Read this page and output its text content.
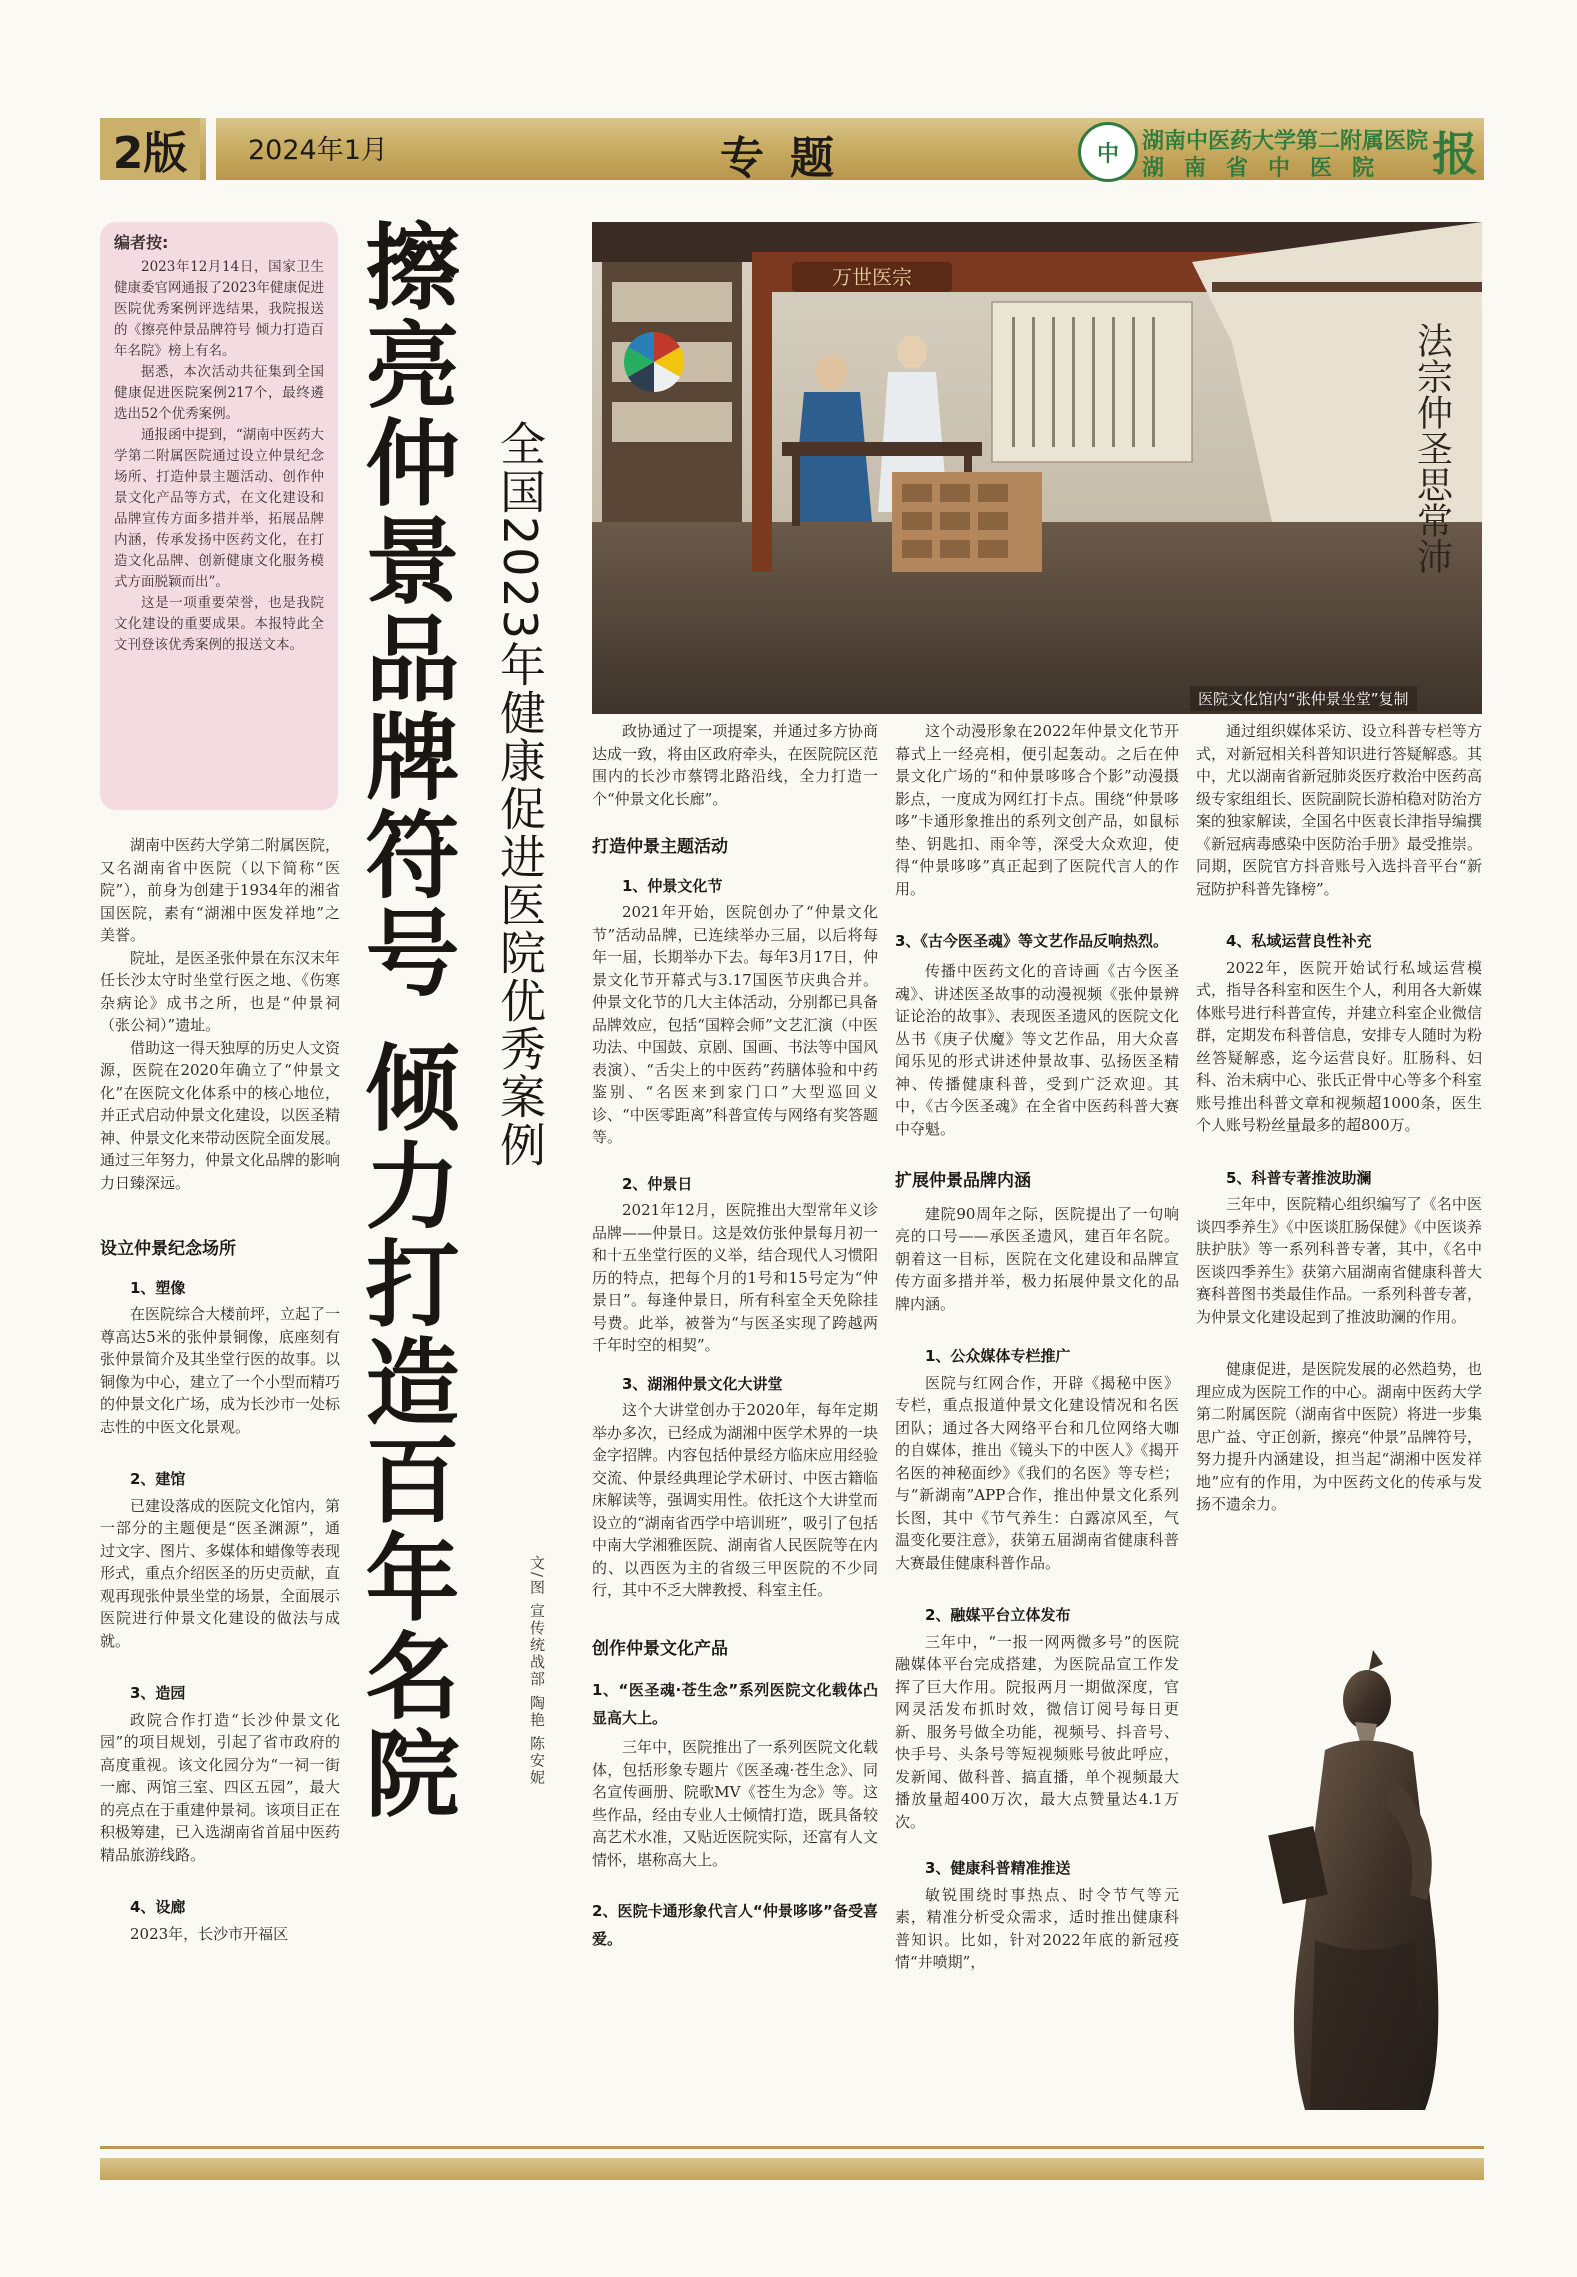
2版 2024年1月	专题	中 湖南中医药大学第二附属医院
湖南省中医院 报
编者按:

2023年12月14日，国家卫生健康委官网通报了2023年健康促进医院优秀案例评选结果，我院报送的《擦亮仲景品牌符号 倾力打造百年名院》榜上有名。

据悉，本次活动共征集到全国健康促进医院案例217个，最终遴选出52个优秀案例。

通报函中提到，“湖南中医药大学第二附属医院通过设立仲景纪念场所、打造仲景主题活动、创作仲景文化产品等方式，在文化建设和品牌宣传方面多措并举，拓展品牌内涵，传承发扬中医药文化，在打造文化品牌、创新健康文化服务模式方面脱颖而出”。

这是一项重要荣誉，也是我院文化建设的重要成果。本报特此全文刊登该优秀案例的报送文本。 擦亮仲景品牌符号 倾力打造百年名院 全国2023年健康促进医院优秀案例
文/图 宣传统战部 陶艳 陈安妮
万世医宗
法宗仲圣思常沛
医院文化馆内“张仲景坐堂”复制

湖南中医药大学第二附属医院，又名湖南省中医院（以下简称“医院”），前身为创建于1934年的湘省国医院，素有“湖湘中医发祥地”之美誉。

院址，是医圣张仲景在东汉末年任长沙太守时坐堂行医之地、《伤寒杂病论》成书之所，也是“仲景祠（张公祠）”遗址。

借助这一得天独厚的历史人文资源，医院在2020年确立了“仲景文化”在医院文化体系中的核心地位，并正式启动仲景文化建设，以医圣精神、仲景文化来带动医院全面发展。通过三年努力，仲景文化品牌的影响力日臻深远。

设立仲景纪念场所
1、塑像

在医院综合大楼前坪，立起了一尊高达5米的张仲景铜像，底座刻有张仲景简介及其坐堂行医的故事。以铜像为中心，建立了一个小型而精巧的仲景文化广场，成为长沙市一处标志性的中医文化景观。

2、建馆

已建设落成的医院文化馆内，第一部分的主题便是“医圣渊源”，通过文字、图片、多媒体和蜡像等表现形式，重点介绍医圣的历史贡献，直观再现张仲景坐堂的场景，全面展示医院进行仲景文化建设的做法与成就。

3、造园

政院合作打造“长沙仲景文化园”的项目规划，引起了省市政府的高度重视。该文化园分为“一祠一街一廊、两馆三室、四区五园”，最大的亮点在于重建仲景祠。该项目正在积极筹建，已入选湖南省首届中医药精品旅游线路。

4、设廊

2023年，长沙市开福区

政协通过了一项提案，并通过多方协商达成一致，将由区政府牵头，在医院院区范围内的长沙市蔡锷北路沿线，全力打造一个“仲景文化长廊”。

打造仲景主题活动
1、仲景文化节

2021年开始，医院创办了“仲景文化节”活动品牌，已连续举办三届，以后将每年一届，长期举办下去。每年3月17日，仲景文化节开幕式与3.17国医节庆典合并。仲景文化节的几大主体活动，分别都已具备品牌效应，包括“国粹会师”文艺汇演（中医功法、中国鼓、京剧、国画、书法等中国风表演）、“舌尖上的中医药”药膳体验和中药鉴别、“名医来到家门口”大型巡回义诊、“中医零距离”科普宣传与网络有奖答题等。

2、仲景日

2021年12月，医院推出大型常年义诊品牌——仲景日。这是效仿张仲景每月初一和十五坐堂行医的义举，结合现代人习惯阳历的特点，把每个月的1号和15号定为“仲景日”。每逢仲景日，所有科室全天免除挂号费。此举，被誉为“与医圣实现了跨越两千年时空的相契”。

3、湖湘仲景文化大讲堂

这个大讲堂创办于2020年，每年定期举办多次，已经成为湖湘中医学术界的一块金字招牌。内容包括仲景经方临床应用经验交流、仲景经典理论学术研讨、中医古籍临床解读等，强调实用性。依托这个大讲堂而设立的“湖南省西学中培训班”，吸引了包括中南大学湘雅医院、湖南省人民医院等在内的、以西医为主的省级三甲医院的不少同行，其中不乏大牌教授、科室主任。

创作仲景文化产品
1、“医圣魂·苍生念”系列医院文化载体凸显高大上。

三年中，医院推出了一系列医院文化载体，包括形象专题片《医圣魂·苍生念》、同名宣传画册、院歌MV《苍生为念》等。这些作品，经由专业人士倾情打造，既具备较高艺术水准，又贴近医院实际，还富有人文情怀，堪称高大上。

2、医院卡通形象代言人“仲景哆哆”备受喜爱。

这个动漫形象在2022年仲景文化节开幕式上一经亮相，便引起轰动。之后在仲景文化广场的“和仲景哆哆合个影”动漫摄影点，一度成为网红打卡点。围绕“仲景哆哆”卡通形象推出的系列文创产品，如鼠标垫、钥匙扣、雨伞等，深受大众欢迎，使得“仲景哆哆”真正起到了医院代言人的作用。

3、《古今医圣魂》等文艺作品反响热烈。

传播中医药文化的音诗画《古今医圣魂》、讲述医圣故事的动漫视频《张仲景辨证论治的故事》、表现医圣遗风的医院文化丛书《庚子伏魔》等文艺作品，用大众喜闻乐见的形式讲述仲景故事、弘扬医圣精神、传播健康科普，受到广泛欢迎。其中，《古今医圣魂》在全省中医药科普大赛中夺魁。

扩展仲景品牌内涵

建院90周年之际，医院提出了一句响亮的口号——承医圣遗风，建百年名院。朝着这一目标，医院在文化建设和品牌宣传方面多措并举，极力拓展仲景文化的品牌内涵。

1、公众媒体专栏推广

医院与红网合作，开辟《揭秘中医》专栏，重点报道仲景文化建设情况和名医团队；通过各大网络平台和几位网络大咖的自媒体，推出《镜头下的中医人》《揭开名医的神秘面纱》《我们的名医》等专栏；与“新湖南”APP合作，推出仲景文化系列长图，其中《节气养生：白露凉风至，气温变化要注意》，获第五届湖南省健康科普大赛最佳健康科普作品。

2、融媒平台立体发布

三年中，“一报一网两微多号”的医院融媒体平台完成搭建，为医院品宣工作发挥了巨大作用。院报两月一期做深度，官网灵活发布抓时效，微信订阅号每日更新、服务号做全功能，视频号、抖音号、快手号、头条号等短视频账号彼此呼应，发新闻、做科普、搞直播，单个视频最大播放量超400万次，最大点赞量达4.1万次。

3、健康科普精准推送

敏锐围绕时事热点、时令节气等元素，精准分析受众需求，适时推出健康科普知识。比如，针对2022年底的新冠疫情“井喷期”，

通过组织媒体采访、设立科普专栏等方式，对新冠相关科普知识进行答疑解惑。其中，尤以湖南省新冠肺炎医疗救治中医药高级专家组组长、医院副院长游柏稳对防治方案的独家解读，全国名中医袁长津指导编撰《新冠病毒感染中医防治手册》最受推崇。同期，医院官方抖音账号入选抖音平台“新冠防护科普先锋榜”。

4、私域运营良性补充

2022年，医院开始试行私域运营模式，指导各科室和医生个人，利用各大新媒体账号进行科普宣传，并建立科室企业微信群，定期发布科普信息，安排专人随时为粉丝答疑解惑，迄今运营良好。肛肠科、妇科、治未病中心、张氏正骨中心等多个科室账号推出科普文章和视频超1000条，医生个人账号粉丝量最多的超800万。

5、科普专著推波助澜

三年中，医院精心组织编写了《名中医谈四季养生》《中医谈肛肠保健》《中医谈养肤护肤》等一系列科普专著，其中，《名中医谈四季养生》获第六届湖南省健康科普大赛科普图书类最佳作品。一系列科普专著，为仲景文化建设起到了推波助澜的作用。

健康促进，是医院发展的必然趋势，也理应成为医院工作的中心。湖南中医药大学第二附属医院（湖南省中医院）将进一步集思广益、守正创新，擦亮“仲景”品牌符号，努力提升内涵建设，担当起“湖湘中医发祥地”应有的作用，为中医药文化的传承与发扬不遗余力。
